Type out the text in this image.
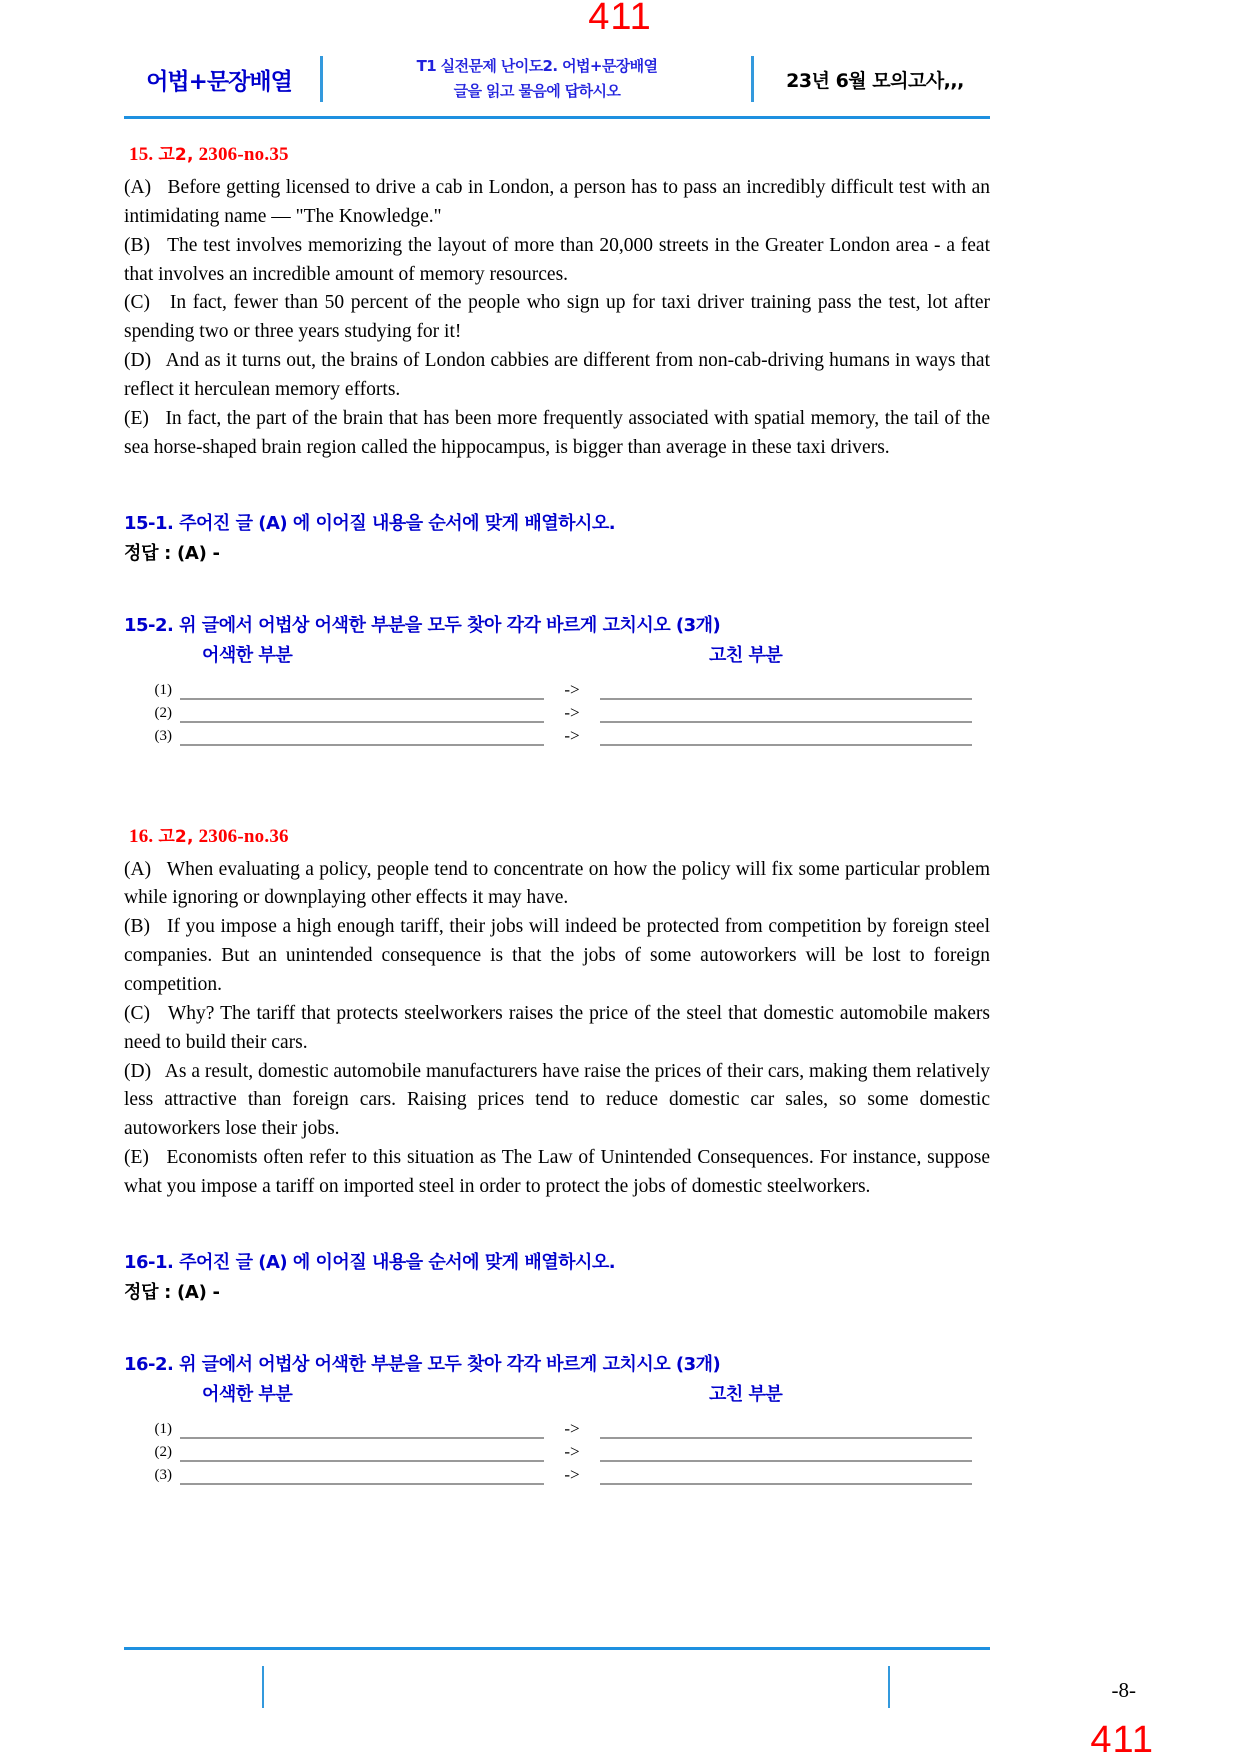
411
어법+문장배열
T1 실전문제 난이도2. 어법+문장배열
글을 읽고 물음에 답하시오	23년 6월 모의고사,,,

15. 고2, 2306-no.35

(A) Before getting licensed to drive a cab in London, a person has to pass an incredibly difficult test with an intimidating name — "The Knowledge."

(B) The test involves memorizing the layout of more than 20,000 streets in the Greater London area - a feat that involves an incredible amount of memory resources.

(C) In fact, fewer than 50 percent of the people who sign up for taxi driver training pass the test, lot after spending two or three years studying for it!

(D) And as it turns out, the brains of London cabbies are different from non-cab-driving humans in ways that reflect it herculean memory efforts.

(E) In fact, the part of the brain that has been more frequently associated with spatial memory, the tail of the sea horse-shaped brain region called the hippocampus, is bigger than average in these taxi drivers.

15-1. 주어진 글 (A) 에 이어질 내용을 순서에 맞게 배열하시오.

정답 : (A) -

15-2. 위 글에서 어법상 어색한 부분을 모두 찾아 각각 바르게 고치시오 (3개)

어색한 부분	고친 부분
(1)	->
(2)	->
(3)	->

16. 고2, 2306-no.36

(A) When evaluating a policy, people tend to concentrate on how the policy will fix some particular problem while ignoring or downplaying other effects it may have.

(B) If you impose a high enough tariff, their jobs will indeed be protected from competition by foreign steel companies. But an unintended consequence is that the jobs of some autoworkers will be lost to foreign competition.

(C) Why? The tariff that protects steelworkers raises the price of the steel that domestic automobile makers need to build their cars.

(D) As a result, domestic automobile manufacturers have raise the prices of their cars, making them relatively less attractive than foreign cars. Raising prices tend to reduce domestic car sales, so some domestic autoworkers lose their jobs.

(E) Economists often refer to this situation as The Law of Unintended Consequences. For instance, suppose what you impose a tariff on imported steel in order to protect the jobs of domestic steelworkers.

16-1. 주어진 글 (A) 에 이어질 내용을 순서에 맞게 배열하시오.

정답 : (A) -

16-2. 위 글에서 어법상 어색한 부분을 모두 찾아 각각 바르게 고치시오 (3개)

어색한 부분	고친 부분
(1)	->
(2)	->
(3)	->
-8-
411
